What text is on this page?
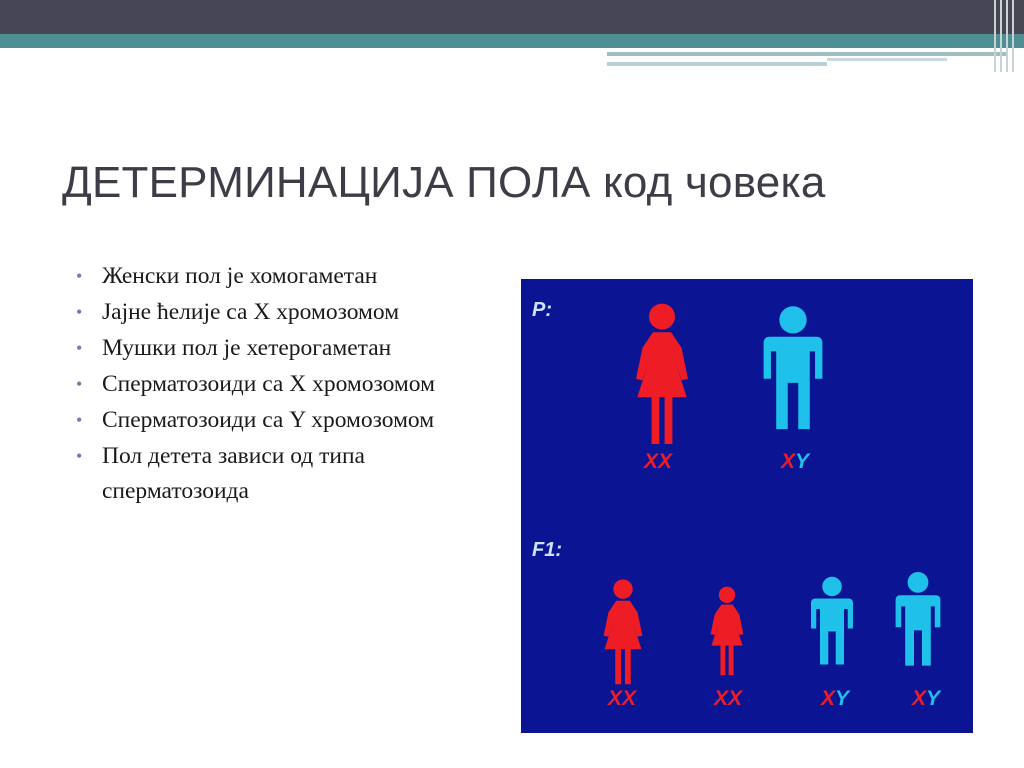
ДЕТЕРМИНАЦИЈА ПОЛА код човека
• Женски пол је хомогаметан
• Јајне ћелије са X хромозомом
• Мушки пол је хетерогаметан
• Сперматозоиди са X хромозомом
• Сперматозоиди са Y хромозомом
• Пол детета зависи од типа сперматозоида
P:
F1:
XX	XY
XX	XX	XY	XY
